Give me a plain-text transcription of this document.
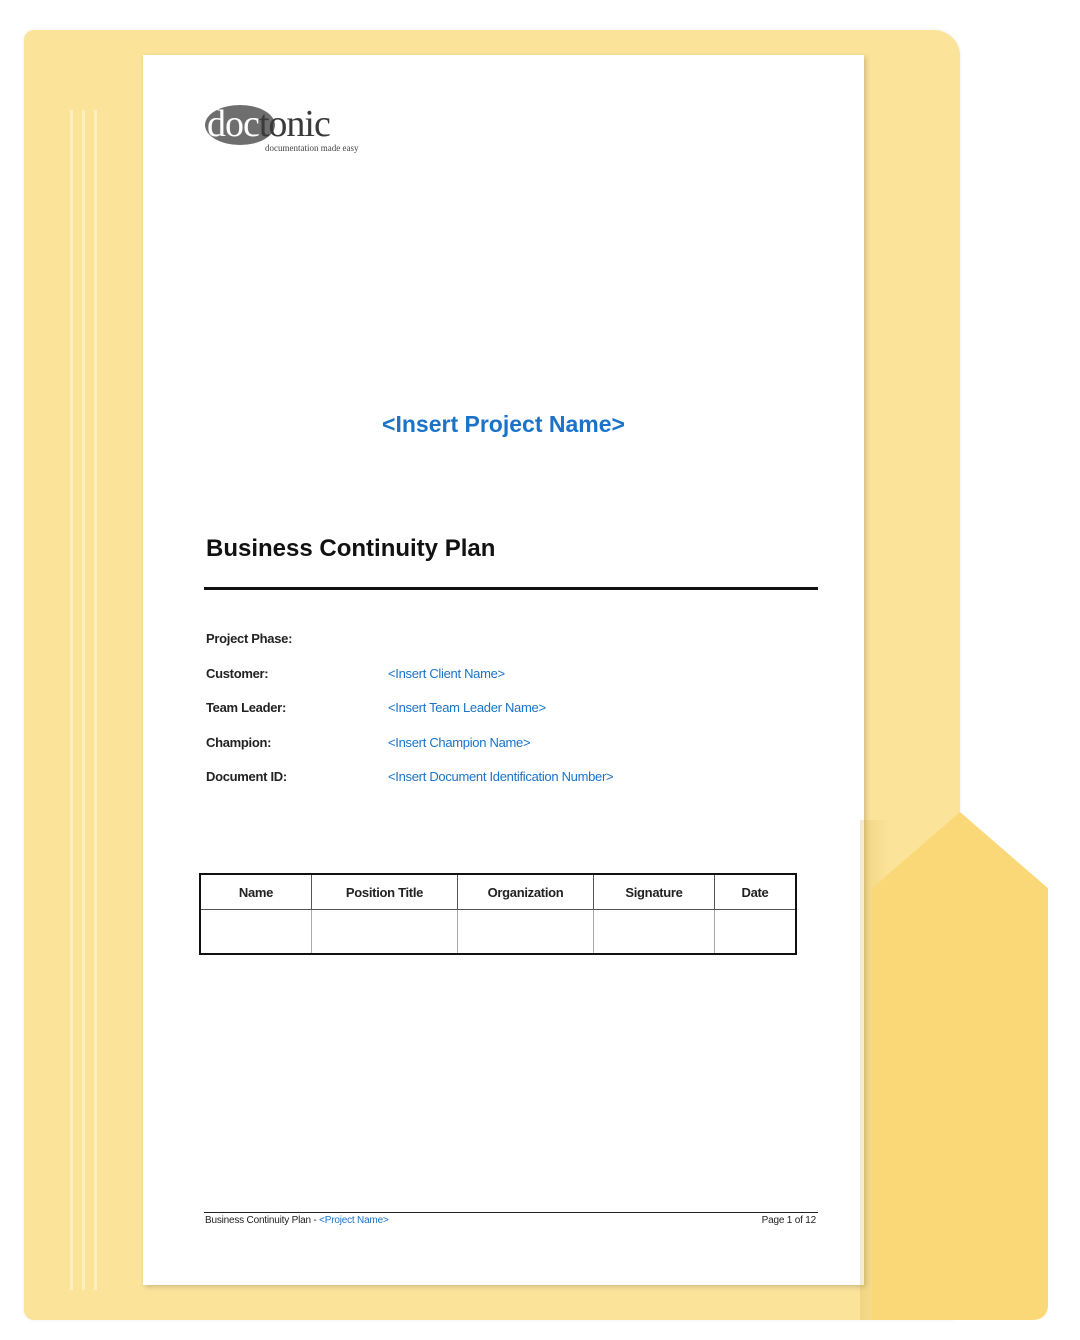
doctonic
documentation made easy
<Insert Project Name>
Business Continuity Plan
Project Phase:
Customer:	<Insert Client Name>
Team Leader:	<Insert Team Leader Name>
Champion:	<Insert Champion Name>
Document ID:	<Insert Document Identification Number>
Name	Position Title	Organization	Signature	Date

Business Continuity Plan - <Project Name>	Page 1 of 12
